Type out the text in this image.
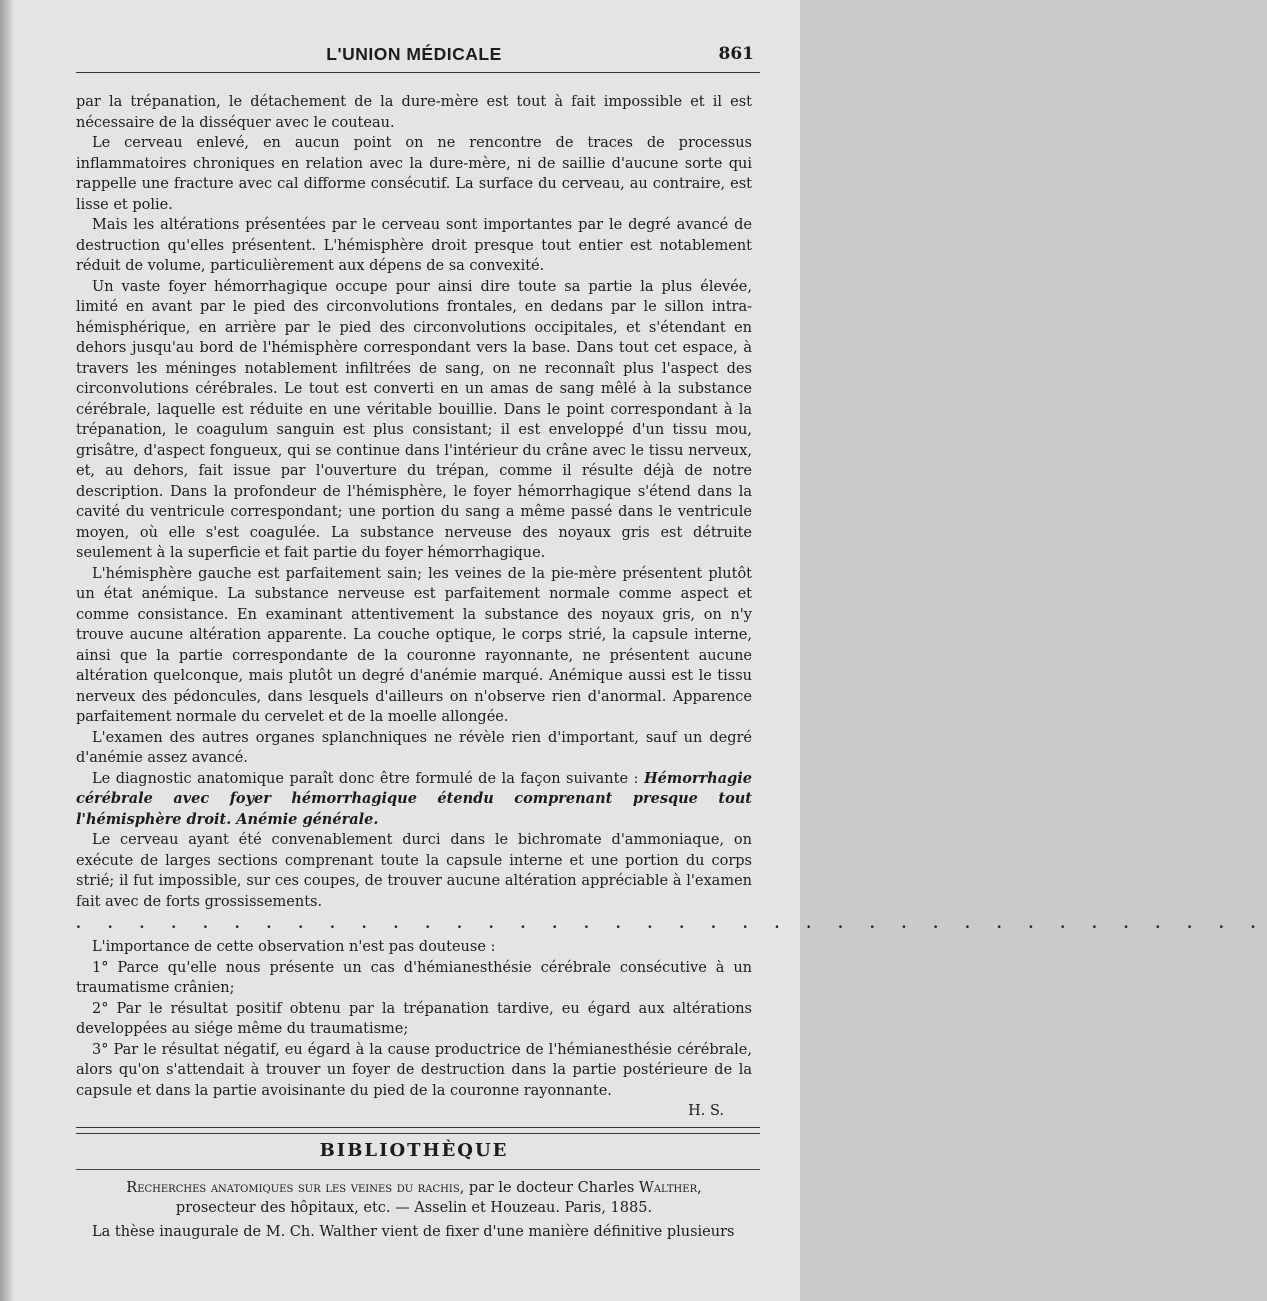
L'UNION MÉDICALE	861

par la trépanation, le détachement de la dure-mère est tout à fait impossible et il est nécessaire de la disséquer avec le couteau.

Le cerveau enlevé, en aucun point on ne rencontre de traces de processus inflammatoires chroniques en relation avec la dure-mère, ni de saillie d'aucune sorte qui rappelle une fracture avec cal difforme consécutif. La surface du cerveau, au contraire, est lisse et polie.

Mais les altérations présentées par le cerveau sont importantes par le degré avancé de destruction qu'elles présentent. L'hémisphère droit presque tout entier est notablement réduit de volume, particulièrement aux dépens de sa convexité.

Un vaste foyer hémorrhagique occupe pour ainsi dire toute sa partie la plus élevée, limité en avant par le pied des circonvolutions frontales, en dedans par le sillon intra-hémisphérique, en arrière par le pied des circonvolutions occipitales, et s'étendant en dehors jusqu'au bord de l'hémisphère correspondant vers la base. Dans tout cet espace, à travers les méninges notablement infiltrées de sang, on ne reconnaît plus l'aspect des circonvolutions cérébrales. Le tout est converti en un amas de sang mêlé à la substance cérébrale, laquelle est réduite en une véritable bouillie. Dans le point correspondant à la trépanation, le coagulum sanguin est plus consistant; il est enveloppé d'un tissu mou, grisâtre, d'aspect fongueux, qui se continue dans l'intérieur du crâne avec le tissu nerveux, et, au dehors, fait issue par l'ouverture du trépan, comme il résulte déjà de notre description. Dans la profondeur de l'hémisphère, le foyer hémorrhagique s'étend dans la cavité du ventricule correspondant; une portion du sang a même passé dans le ventricule moyen, où elle s'est coagulée. La substance nerveuse des noyaux gris est détruite seulement à la superficie et fait partie du foyer hémorrhagique.

L'hémisphère gauche est parfaitement sain; les veines de la pie-mère présentent plutôt un état anémique. La substance nerveuse est parfaitement normale comme aspect et comme consistance. En examinant attentivement la substance des noyaux gris, on n'y trouve aucune altération apparente. La couche optique, le corps strié, la capsule interne, ainsi que la partie correspondante de la couronne rayonnante, ne présentent aucune altération quelconque, mais plutôt un degré d'anémie marqué. Anémique aussi est le tissu nerveux des pédoncules, dans lesquels d'ailleurs on n'observe rien d'anormal. Apparence parfaitement normale du cervelet et de la moelle allongée.

L'examen des autres organes splanchniques ne révèle rien d'important, sauf un degré d'anémie assez avancé.

Le diagnostic anatomique paraît donc être formulé de la façon suivante : Hémorrhagie cérébrale avec foyer hémorrhagique étendu comprenant presque tout l'hémisphère droit. Anémie générale.

Le cerveau ayant été convenablement durci dans le bichromate d'ammoniaque, on exécute de larges sections comprenant toute la capsule interne et une portion du corps strié; il fut impossible, sur ces coupes, de trouver aucune altération appréciable à l'examen fait avec de forts grossissements.

. . . . . . . . . . . . . . . . . . . . . . . . . . . . . . . . . . . . . .

L'importance de cette observation n'est pas douteuse :

1° Parce qu'elle nous présente un cas d'hémianesthésie cérébrale consécutive à un traumatisme crânien;

2° Par le résultat positif obtenu par la trépanation tardive, eu égard aux altérations developpées au siége même du traumatisme;

3° Par le résultat négatif, eu égard à la cause productrice de l'hémianesthésie cérébrale, alors qu'on s'attendait à trouver un foyer de destruction dans la partie postérieure de la capsule et dans la partie avoisinante du pied de la couronne rayonnante.

H. S.
BIBLIOTHÈQUE
Recherches anatomiques sur les veines du rachis, par le docteur Charles Walther,
prosecteur des hôpitaux, etc. — Asselin et Houzeau. Paris, 1885.

La thèse inaugurale de M. Ch. Walther vient de fixer d'une manière définitive plusieurs
